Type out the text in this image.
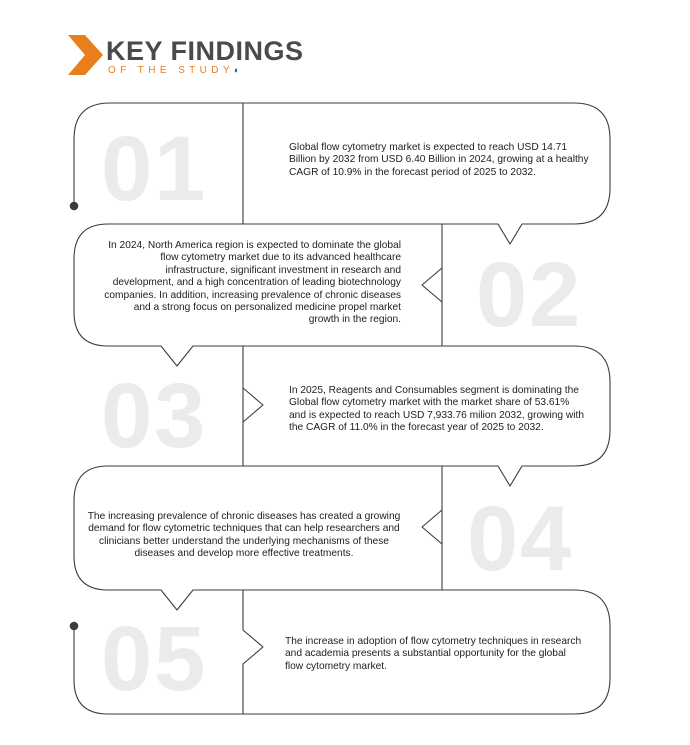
KEY FINDINGS
OF THE STUDY◐
01
02
03
04
05
Global flow cytometry market is expected to reach USD 14.71 Billion by 2032 from USD 6.40 Billion in 2024, growing at a healthy CAGR of 10.9% in the forecast period of 2025 to 2032.
In 2024, North America region is expected to dominate the global flow cytometry market due to its advanced healthcare infrastructure, significant investment in research and development, and a high concentration of leading biotechnology companies. In addition, increasing prevalence of chronic diseases and a strong focus on personalized medicine propel market growth in the region.
In 2025, Reagents and Consumables segment is dominating the Global flow cytometry market with the market share of 53.61% and is expected to reach USD 7,933.76 milion 2032, growing with the CAGR of 11.0% in the forecast year of 2025 to 2032.
The increasing prevalence of chronic diseases has created a growing demand for flow cytometric techniques that can help researchers and clinicians better understand the underlying mechanisms of these diseases and develop more effective treatments.
The increase in adoption of flow cytometry techniques in research and academia presents a substantial opportunity for the global flow cytometry market.
